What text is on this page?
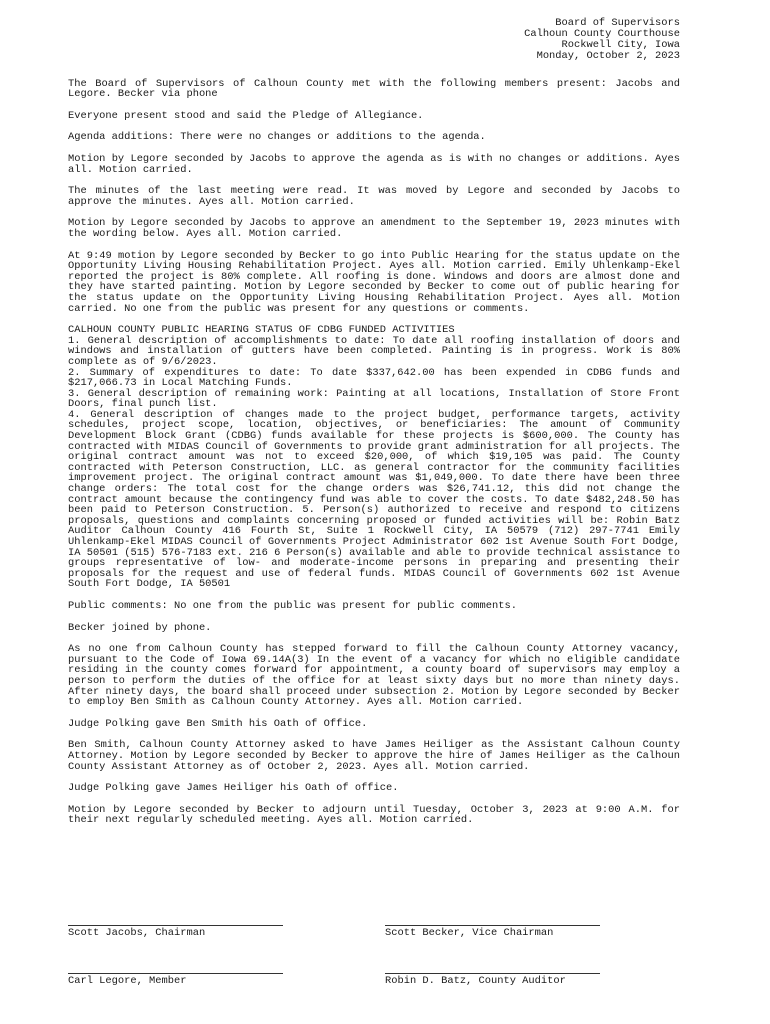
Board of Supervisors
Calhoun County Courthouse
Rockwell City, Iowa
Monday, October 2, 2023

The Board of Supervisors of Calhoun County met with the following members present: Jacobs and Legore. Becker via phone

Everyone present stood and said the Pledge of Allegiance.

Agenda additions: There were no changes or additions to the agenda.

Motion by Legore seconded by Jacobs to approve the agenda as is with no changes or additions. Ayes all. Motion carried.

The minutes of the last meeting were read. It was moved by Legore and seconded by Jacobs to approve the minutes. Ayes all. Motion carried.

Motion by Legore seconded by Jacobs to approve an amendment to the September 19, 2023 minutes with the wording below. Ayes all. Motion carried.

At 9:49 motion by Legore seconded by Becker to go into Public Hearing for the status update on the Opportunity Living Housing Rehabilitation Project. Ayes all. Motion carried. Emily Uhlenkamp-Ekel reported the project is 80% complete. All roofing is done. Windows and doors are almost done and they have started painting. Motion by Legore seconded by Becker to come out of public hearing for the status update on the Opportunity Living Housing Rehabilitation Project. Ayes all. Motion carried. No one from the public was present for any questions or comments.

CALHOUN COUNTY PUBLIC HEARING STATUS OF CDBG FUNDED ACTIVITIES
1. General description of accomplishments to date: To date all roofing installation of doors and windows and installation of gutters have been completed. Painting is in progress. Work is 80% complete as of 9/6/2023.
2. Summary of expenditures to date: To date $337,642.00 has been expended in CDBG funds and $217,066.73 in Local Matching Funds.
3. General description of remaining work: Painting at all locations, Installation of Store Front Doors, final punch list.
4. General description of changes made to the project budget, performance targets, activity schedules, project scope, location, objectives, or beneficiaries: The amount of Community Development Block Grant (CDBG) funds available for these projects is $600,000. The County has contracted with MIDAS Council of Governments to provide grant administration for all projects. The original contract amount was not to exceed $20,000, of which $19,105 was paid. The County contracted with Peterson Construction, LLC. as general contractor for the community facilities improvement project. The original contract amount was $1,049,000. To date there have been three change orders: The total cost for the change orders was $26,741.12, this did not change the contract amount because the contingency fund was able to cover the costs. To date $482,248.50 has been paid to Peterson Construction. 5. Person(s) authorized to receive and respond to citizens proposals, questions and complaints concerning proposed or funded activities will be: Robin Batz Auditor Calhoun County 416 Fourth St, Suite 1 Rockwell City, IA 50579 (712) 297-7741 Emily Uhlenkamp-Ekel MIDAS Council of Governments Project Administrator 602 1st Avenue South Fort Dodge, IA 50501 (515) 576-7183 ext. 216 6 Person(s) available and able to provide technical assistance to groups representative of low- and moderate-income persons in preparing and presenting their proposals for the request and use of federal funds. MIDAS Council of Governments 602 1st Avenue South Fort Dodge, IA 50501

Public comments: No one from the public was present for public comments.

Becker joined by phone.

As no one from Calhoun County has stepped forward to fill the Calhoun County Attorney vacancy, pursuant to the Code of Iowa 69.14A(3) In the event of a vacancy for which no eligible candidate residing in the county comes forward for appointment, a county board of supervisors may employ a person to perform the duties of the office for at least sixty days but no more than ninety days. After ninety days, the board shall proceed under subsection 2. Motion by Legore seconded by Becker to employ Ben Smith as Calhoun County Attorney. Ayes all. Motion carried.

Judge Polking gave Ben Smith his Oath of Office.

Ben Smith, Calhoun County Attorney asked to have James Heiliger as the Assistant Calhoun County Attorney. Motion by Legore seconded by Becker to approve the hire of James Heiliger as the Calhoun County Assistant Attorney as of October 2, 2023. Ayes all. Motion carried.

Judge Polking gave James Heiliger his Oath of office.

Motion by Legore seconded by Becker to adjourn until Tuesday, October 3, 2023 at 9:00 A.M. for their next regularly scheduled meeting. Ayes all. Motion carried.

Scott Jacobs, Chairman	Scott Becker, Vice Chairman
Carl Legore, Member	Robin D. Batz, County Auditor
